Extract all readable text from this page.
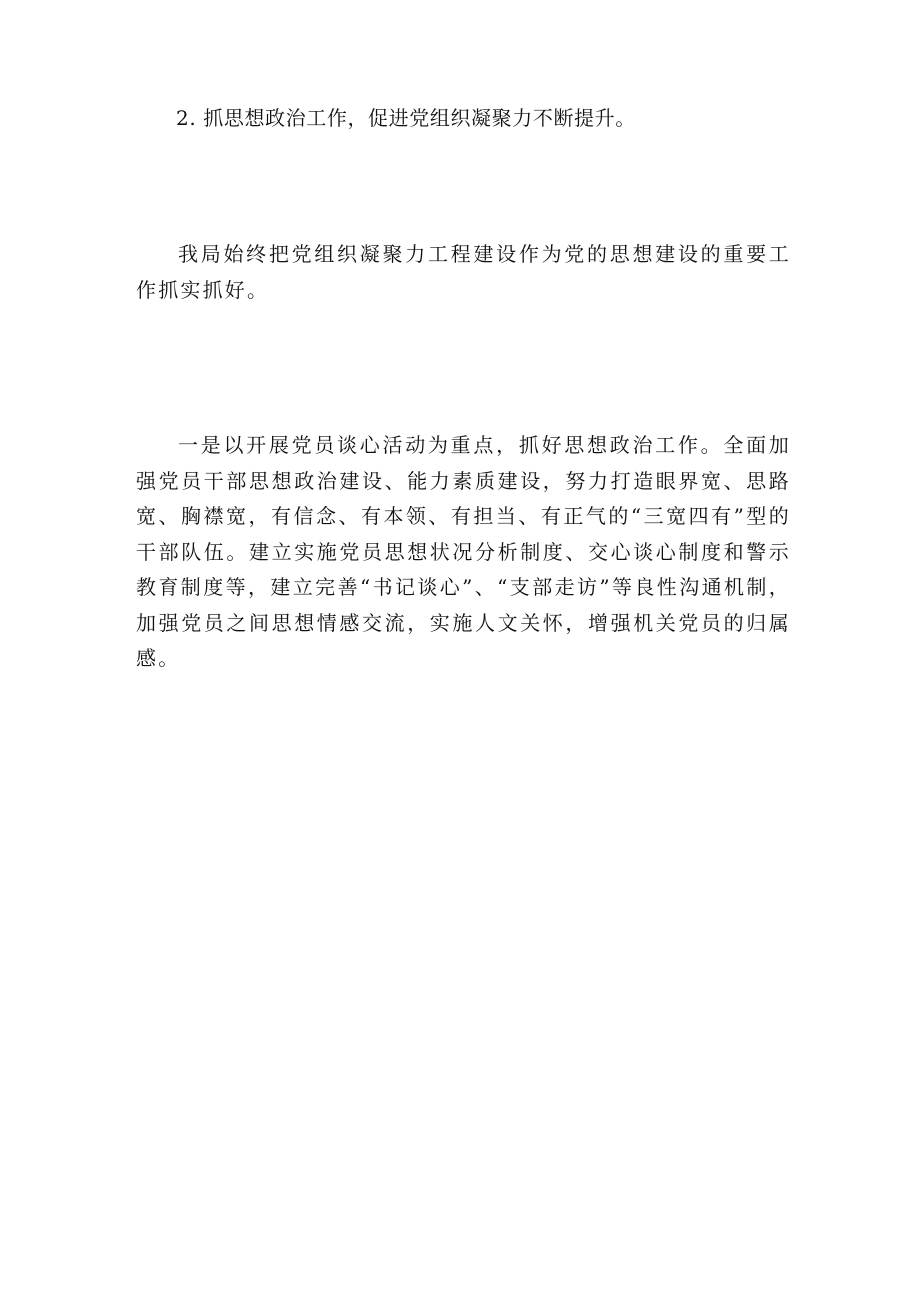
2. 抓思想政治工作，促进党组织凝聚力不断提升。

我局始终把党组织凝聚力工程建设作为党的思想建设的重要工作抓实抓好。

一是以开展党员谈心活动为重点，抓好思想政治工作。全面加强党员干部思想政治建设、能力素质建设，努力打造眼界宽、思路宽、胸襟宽，有信念、有本领、有担当、有正气的“三宽四有”型的干部队伍。建立实施党员思想状况分析制度、交心谈心制度和警示教育制度等，建立完善“书记谈心”、“支部走访”等良性沟通机制，加强党员之间思想情感交流，实施人文关怀，增强机关党员的归属感。
